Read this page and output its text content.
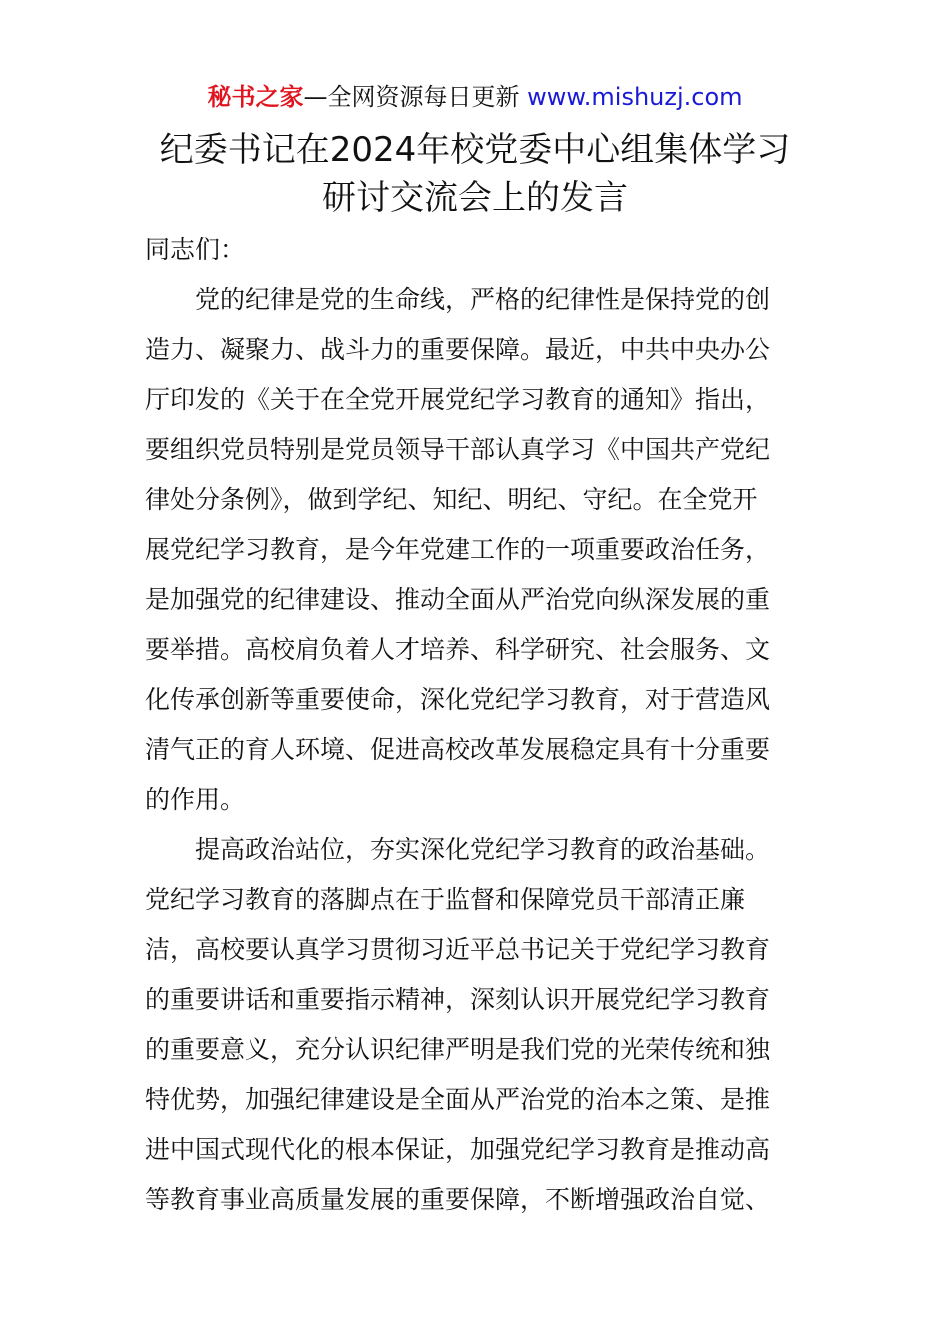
秘书之家—全网资源每日更新 www.mishuzj.com
纪委书记在2024年校党委中心组集体学习
研讨交流会上的发言

同志们：

党的纪律是党的生命线，严格的纪律性是保持党的创
造力、凝聚力、战斗力的重要保障。最近，中共中央办公
厅印发的《关于在全党开展党纪学习教育的通知》指出，
要组织党员特别是党员领导干部认真学习《中国共产党纪
律处分条例》，做到学纪、知纪、明纪、守纪。在全党开
展党纪学习教育，是今年党建工作的一项重要政治任务，
是加强党的纪律建设、推动全面从严治党向纵深发展的重
要举措。高校肩负着人才培养、科学研究、社会服务、文
化传承创新等重要使命，深化党纪学习教育，对于营造风
清气正的育人环境、促进高校改革发展稳定具有十分重要
的作用。
提高政治站位，夯实深化党纪学习教育的政治基础。
党纪学习教育的落脚点在于监督和保障党员干部清正廉
洁，高校要认真学习贯彻习近平总书记关于党纪学习教育
的重要讲话和重要指示精神，深刻认识开展党纪学习教育
的重要意义，充分认识纪律严明是我们党的光荣传统和独
特优势，加强纪律建设是全面从严治党的治本之策、是推
进中国式现代化的根本保证，加强党纪学习教育是推动高
等教育事业高质量发展的重要保障，不断增强政治自觉、
